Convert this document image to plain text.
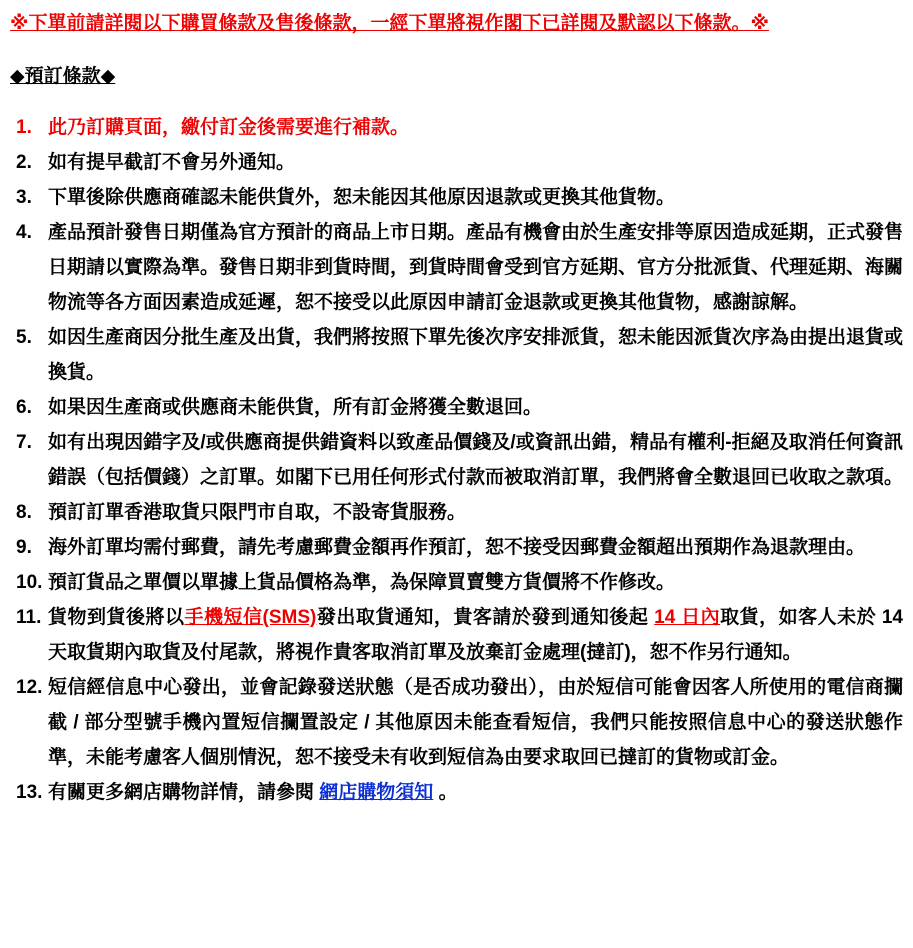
※下單前請詳閱以下購買條款及售後條款，一經下單將視作閣下已詳閱及默認以下條款。※
◆預訂條款◆
1. 此乃訂購頁面，繳付訂金後需要進行補款。
2. 如有提早截訂不會另外通知。
3. 下單後除供應商確認未能供貨外，恕未能因其他原因退款或更換其他貨物。
4. 產品預計發售日期僅為官方預計的商品上市日期。產品有機會由於生產安排等原因造成延期，正式發售日期請以實際為準。發售日期非到貨時間，到貨時間會受到官方延期、官方分批派貨、代理延期、海關物流等各方面因素造成延遲，恕不接受以此原因申請訂金退款或更換其他貨物，感謝諒解。
5. 如因生產商因分批生產及出貨，我們將按照下單先後次序安排派貨，恕未能因派貨次序為由提出退貨或換貨。
6. 如果因生產商或供應商未能供貨，所有訂金將獲全數退回。
7. 如有出現因錯字及/或供應商提供錯資料以致產品價錢及/或資訊出錯，精品有權利-拒絕及取消任何資訊錯誤（包括價錢）之訂單。如閣下已用任何形式付款而被取消訂單，我們將會全數退回已收取之款項。
8. 預訂訂單香港取貨只限門市自取，不設寄貨服務。
9. 海外訂單均需付郵費，請先考慮郵費金額再作預訂，恕不接受因郵費金額超出預期作為退款理由。
10. 預訂貨品之單價以單據上貨品價格為準，為保障買賣雙方貨價將不作修改。
11. 貨物到貨後將以手機短信(SMS)發出取貨通知，貴客請於發到通知後起 14 日內取貨，如客人未於 14 天取貨期內取貨及付尾款，將視作貴客取消訂單及放棄訂金處理(撻訂)，恕不作另行通知。
12. 短信經信息中心發出，並會記錄發送狀態（是否成功發出），由於短信可能會因客人所使用的電信商攔截 / 部分型號手機內置短信攔置設定 / 其他原因未能查看短信，我們只能按照信息中心的發送狀態作準，未能考慮客人個別情況，恕不接受未有收到短信為由要求取回已撻訂的貨物或訂金。
13. 有關更多網店購物詳情，請參閱 網店購物須知 。
